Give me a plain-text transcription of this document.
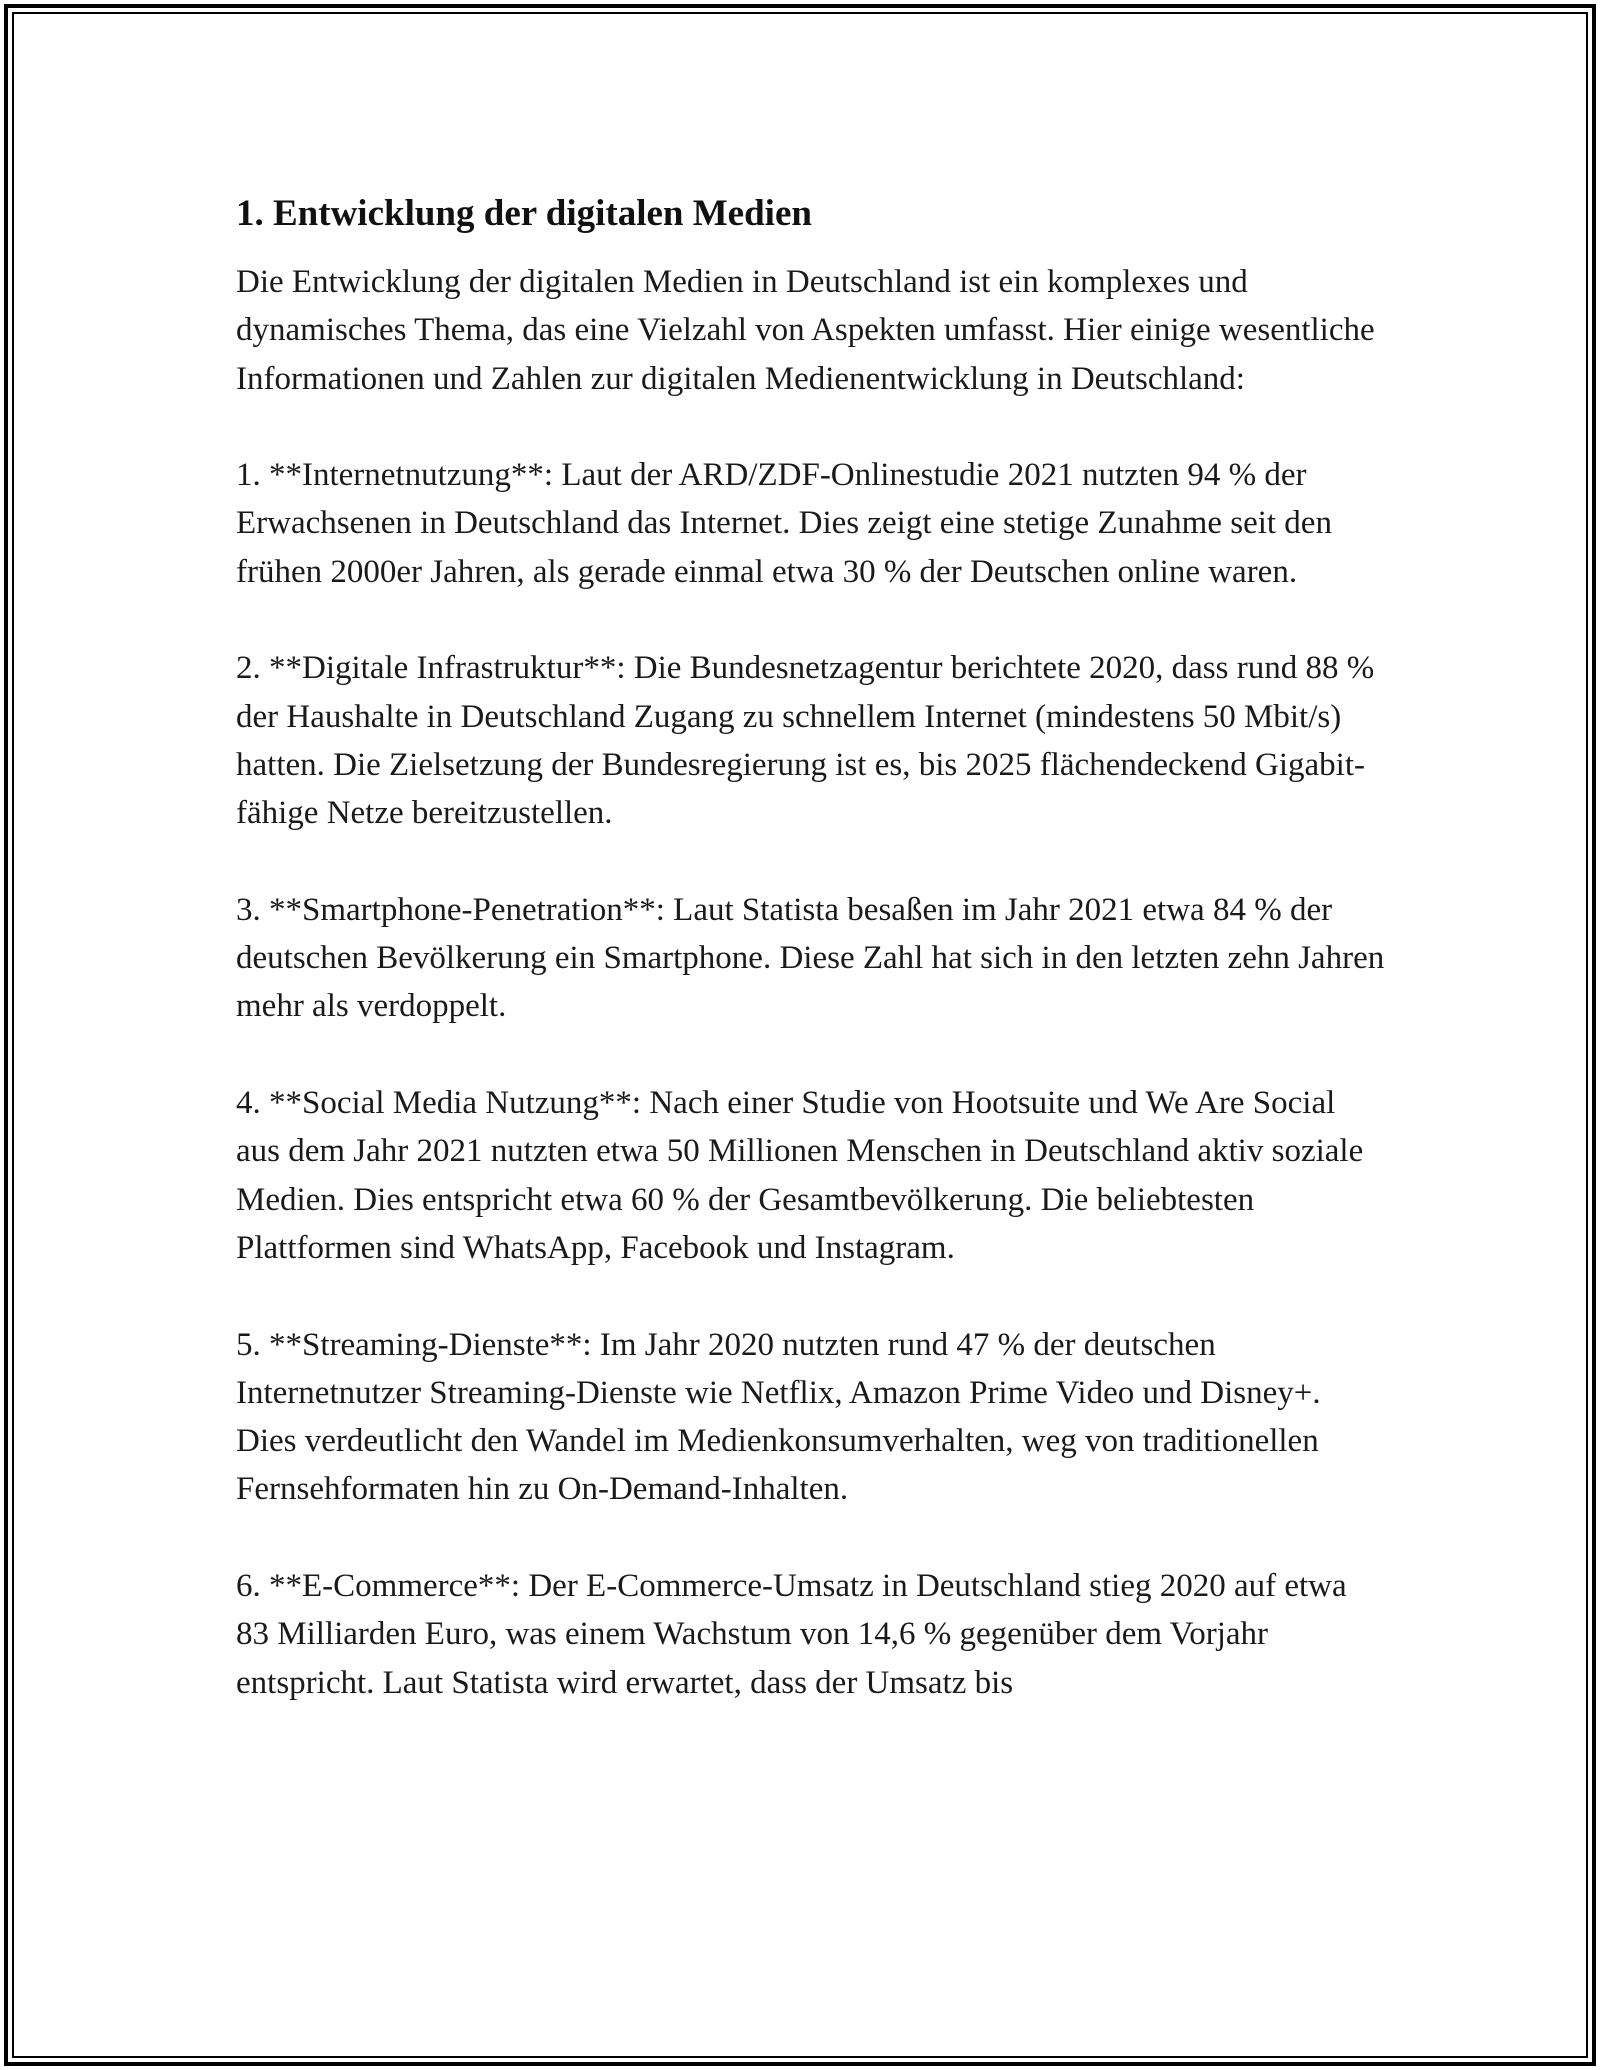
1. Entwicklung der digitalen Medien

Die Entwicklung der digitalen Medien in Deutschland ist ein komplexes und dynamisches Thema, das eine Vielzahl von Aspekten umfasst. Hier einige wesentliche Informationen und Zahlen zur digitalen Medienentwicklung in Deutschland:

1. **Internetnutzung**: Laut der ARD/ZDF-Onlinestudie 2021 nutzten 94 % der Erwachsenen in Deutschland das Internet. Dies zeigt eine stetige Zunahme seit den frühen 2000er Jahren, als gerade einmal etwa 30 % der Deutschen online waren.

2. **Digitale Infrastruktur**: Die Bundesnetzagentur berichtete 2020, dass rund 88 % der Haushalte in Deutschland Zugang zu schnellem Internet (mindestens 50 Mbit/s) hatten. Die Zielsetzung der Bundesregierung ist es, bis 2025 flächendeckend Gigabit-fähige Netze bereitzustellen.

3. **Smartphone-Penetration**: Laut Statista besaßen im Jahr 2021 etwa 84 % der deutschen Bevölkerung ein Smartphone. Diese Zahl hat sich in den letzten zehn Jahren mehr als verdoppelt.

4. **Social Media Nutzung**: Nach einer Studie von Hootsuite und We Are Social aus dem Jahr 2021 nutzten etwa 50 Millionen Menschen in Deutschland aktiv soziale Medien. Dies entspricht etwa 60 % der Gesamtbevölkerung. Die beliebtesten Plattformen sind WhatsApp, Facebook und Instagram.

5. **Streaming-Dienste**: Im Jahr 2020 nutzten rund 47 % der deutschen Internetnutzer Streaming-Dienste wie Netflix, Amazon Prime Video und Disney+. Dies verdeutlicht den Wandel im Medienkonsumverhalten, weg von traditionellen Fernsehformaten hin zu On-Demand-Inhalten.

6. **E-Commerce**: Der E-Commerce-Umsatz in Deutschland stieg 2020 auf etwa 83 Milliarden Euro, was einem Wachstum von 14,6 % gegenüber dem Vorjahr entspricht. Laut Statista wird erwartet, dass der Umsatz bis
